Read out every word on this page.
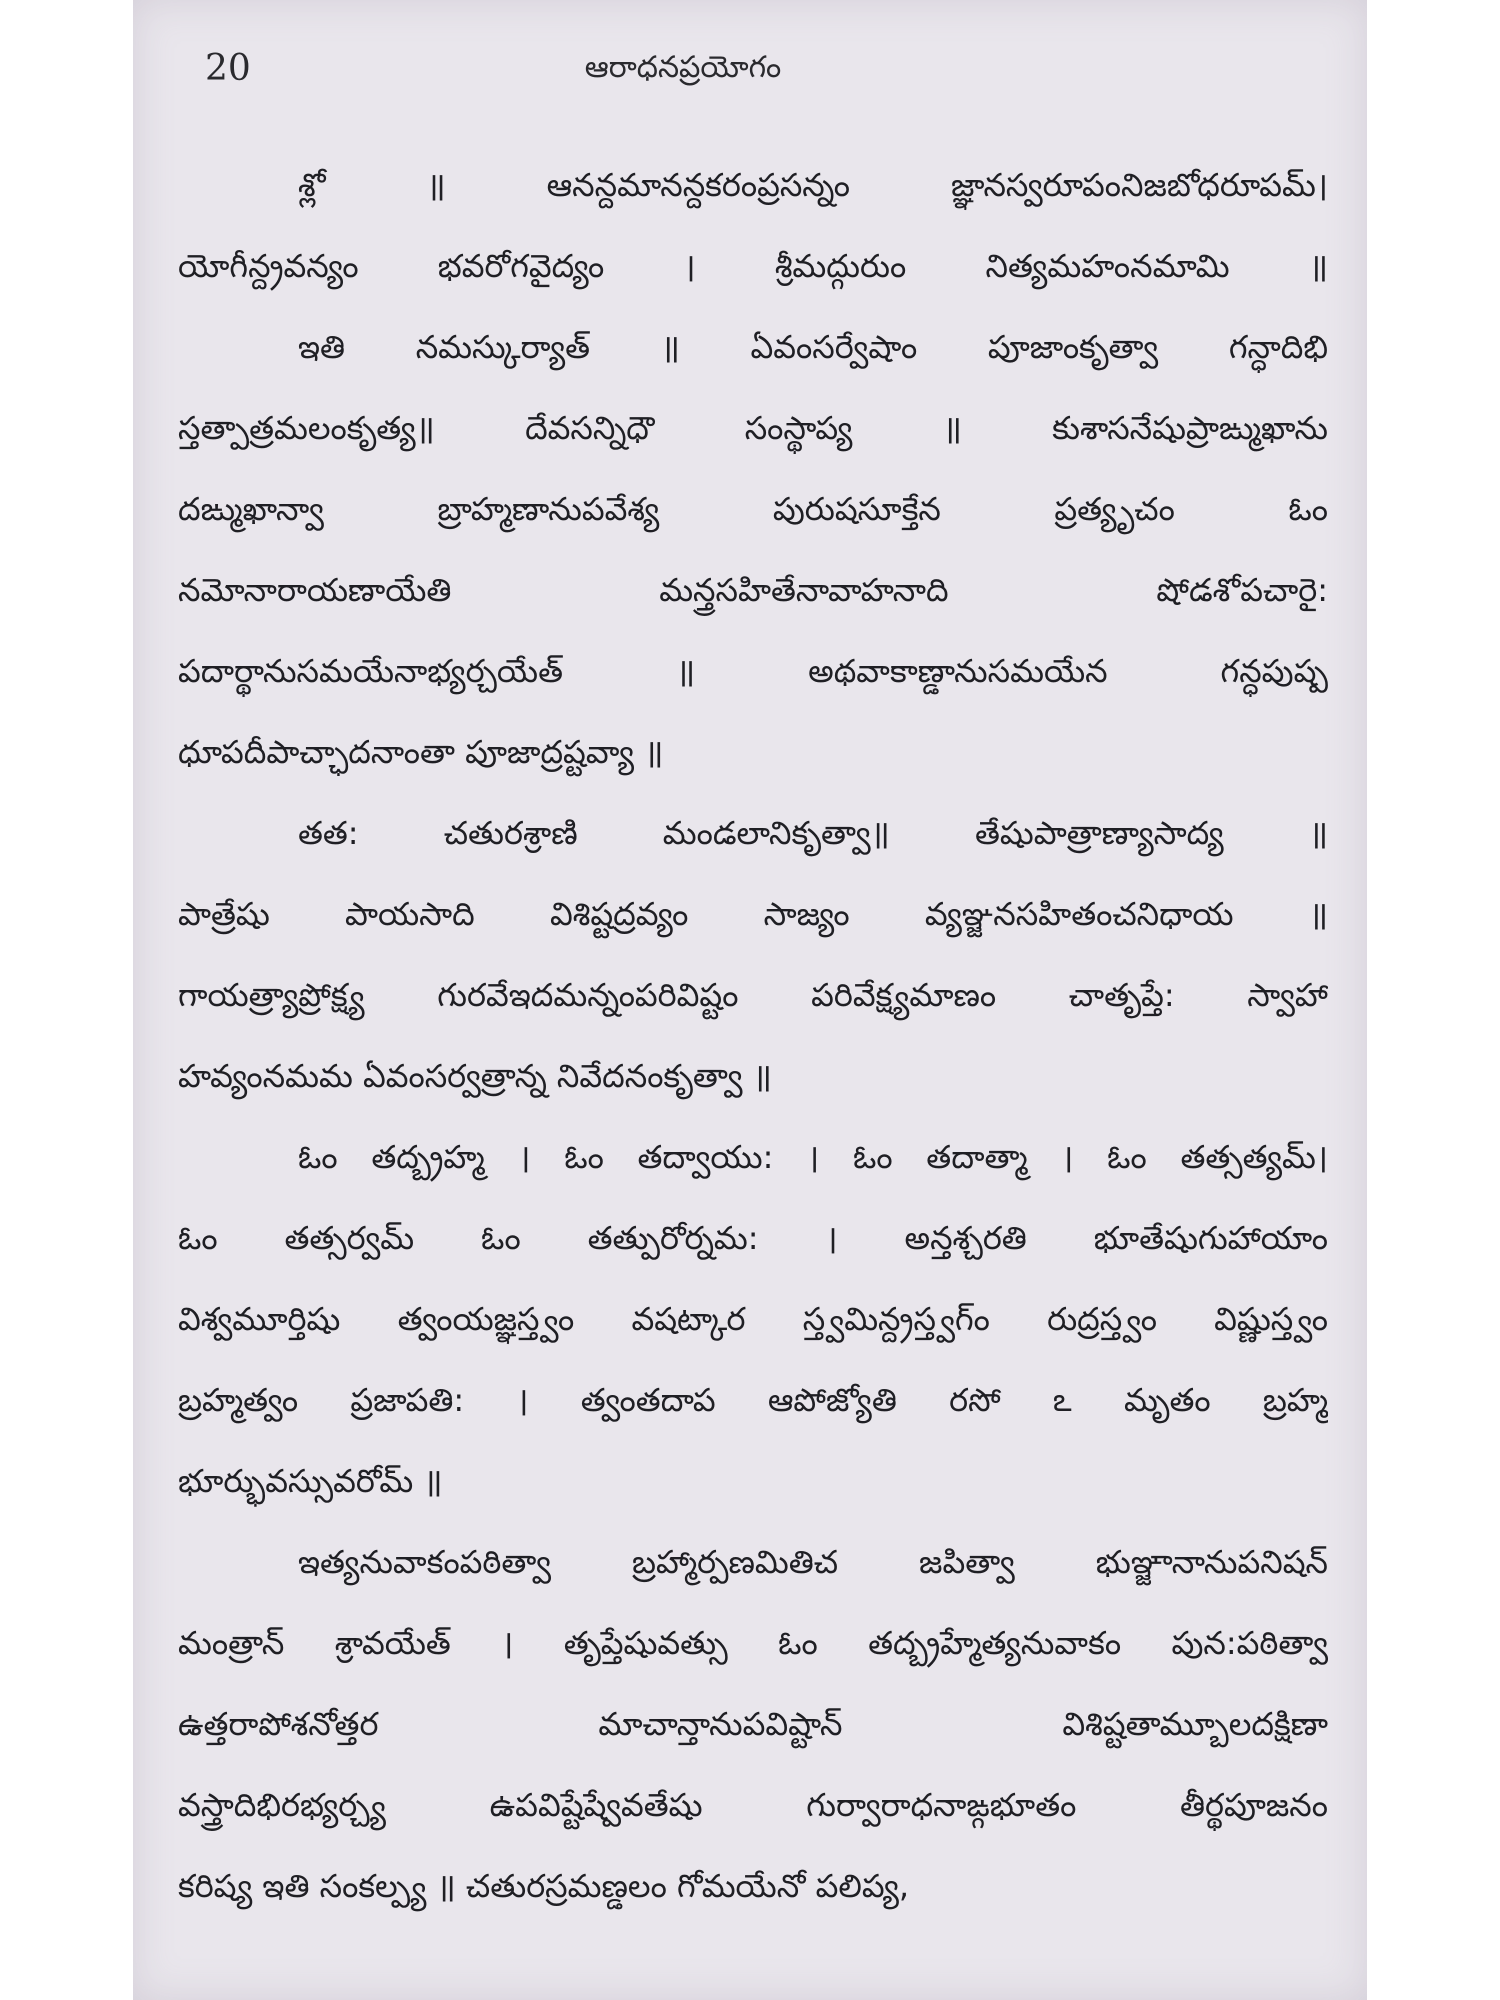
20	ఆరాధనప్రయోగం
శ్లో ॥ ఆనన్దమానన్దకరంప్రసన్నం జ్ఞానస్వరూపంనిజబోధరూపమ్।
యోగీన్ద్రవన్యం భవరోగవైద్యం । శ్రీమద్గురుం నిత్యమహంనమామి ॥
ఇతి నమస్కుర్యాత్ ॥ ఏవంసర్వేషాం పూజాంకృత్వా గన్ధాదిభి
స్తత్పాత్రమలంకృత్య॥ దేవసన్నిధౌ సంస్థాప్య ॥ కుశాసనేషుప్రాఙ్ముఖాను
దఙ్ముఖాన్వా బ్రాహ్మణానుపవేశ్య పురుషసూక్తేన ప్రత్యృచం ఓం
నమోనారాయణాయేతి మన్త్రసహితేనావాహనాది షోడశోపచారై:
పదార్థానుసమయేనాభ్యర్చయేత్ ॥ అథవాకాణ్డానుసమయేన గన్ధపుష్ప
ధూపదీపాచ్ఛాదనాంతా పూజాద్రష్టవ్యా ॥
తత: చతురశ్రాణి మండలానికృత్వా॥ తేషుపాత్రాణ్యాసాద్య ॥
పాత్రేషు పాయసాది విశిష్టద్రవ్యం సాజ్యం వ్యఞ్జనసహితంచనిధాయ ॥
గాయత్ర్యాప్రోక్ష్య గురవేఇదమన్నంపరివిష్టం పరివేక్ష్యమాణం చాతృప్తే: స్వాహా
హవ్యంనమమ ఏవంసర్వత్రాన్న నివేదనంకృత్వా ॥
ఓం తద్బ్రహ్మ । ఓం తద్వాయు: । ఓం తదాత్మా । ఓం తత్సత్యమ్।
ఓం తత్సర్వమ్ ఓం తత్పురోర్నమ: । అన్తశ్చరతి భూతేషుగుహాయాం
విశ్వమూర్తిషు త్వంయజ్ఞస్త్వం వషట్కార స్త్వమిన్ద్రస్త్వగ్ం రుద్రస్త్వం విష్ణుస్త్వం
బ్రహ్మత్వం ప్రజాపతి: । త్వంతదాప ఆపోజ్యోతి రసో ఽ మృతం బ్రహ్మ
భూర్భువస్సువరోమ్ ॥
ఇత్యనువాకంపఠిత్వా బ్రహ్మార్పణమితిచ జపిత్వా భుఞ్జానానుపనిషన్
మంత్రాన్ శ్రావయేత్ । తృప్తేషువత్సు ఓం తద్బ్రహ్మేత్యనువాకం పున:పఠిత్వా
ఉత్తరాపోశనోత్తర మాచాన్తానుపవిష్టాన్ విశిష్టతామ్బూలదక్షిణా
వస్త్రాదిభిరభ్యర్చ్య ఉపవిష్టేష్వేవతేషు గుర్వారాధనాఙ్గభూతం తీర్థపూజనం
కరిష్య ఇతి సంకల్ప్య ॥ చతురస్రమణ్డలం గోమయేనో పలిప్య,
